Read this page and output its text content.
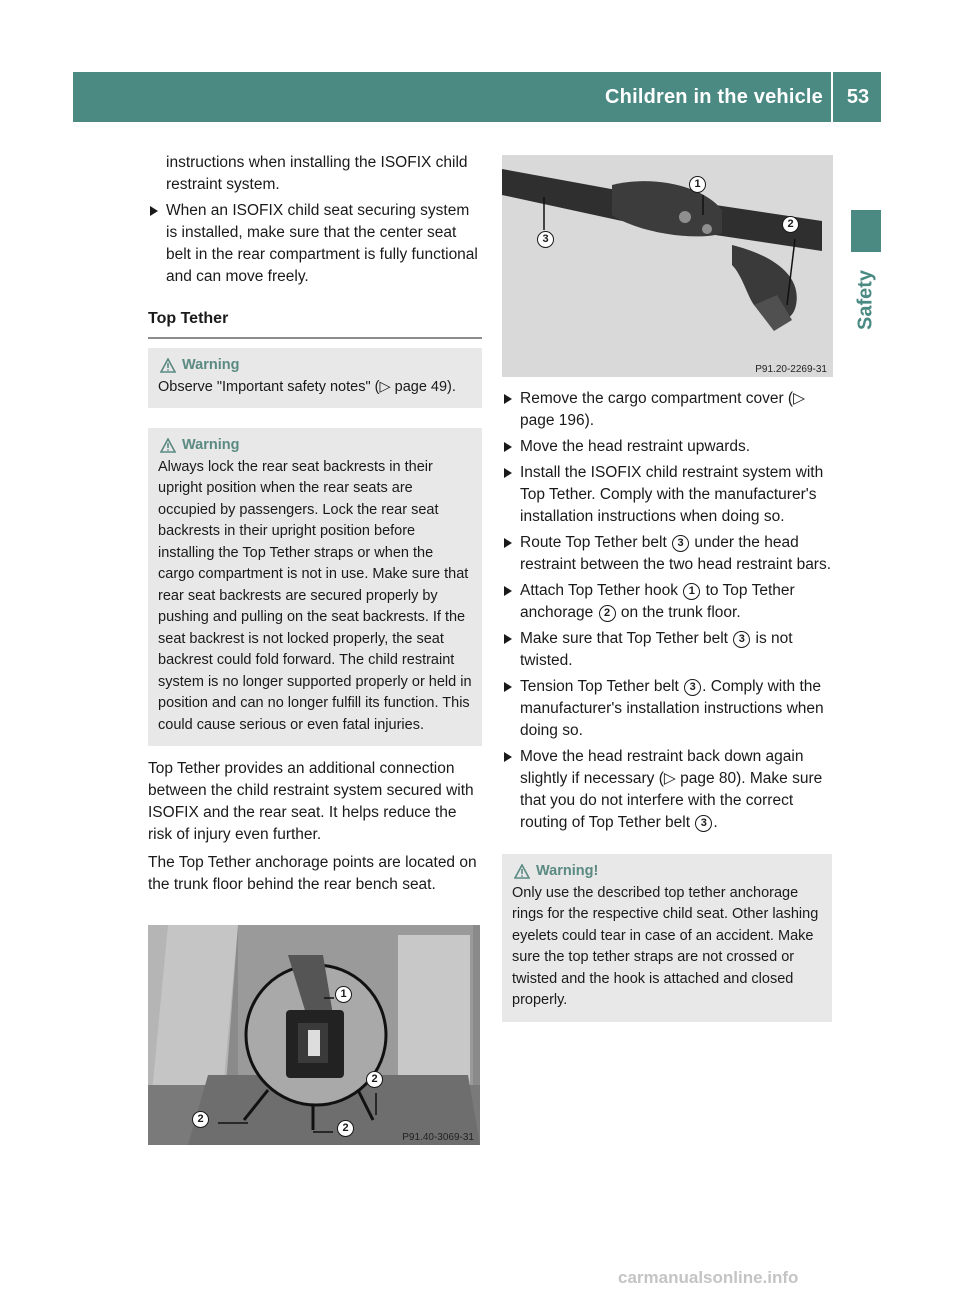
Children in the vehicle	53
Safety

instructions when installing the ISOFIX child restraint system.

When an ISOFIX child seat securing system is installed, make sure that the center seat belt in the rear compartment is fully functional and can move freely.
Top Tether
Warning
Observe "Important safety notes" (▷ page 49).
Warning
Always lock the rear seat backrests in their upright position when the rear seats are occupied by passengers. Lock the rear seat backrests in their upright position before installing the Top Tether straps or when the cargo compartment is not in use. Make sure that rear seat backrests are secured properly by pushing and pulling on the seat backrests. If the seat backrest is not locked properly, the seat backrest could fold forward. The child restraint system is no longer supported properly or held in position and can no longer fulfill its function. This could cause serious or even fatal injuries.

Top Tether provides an additional connection between the child restraint system secured with ISOFIX and the rear seat. It helps reduce the risk of injury even further.

The Top Tether anchorage points are located on the trunk floor behind the rear bench seat.

1
2
2
2
P91.40-3069-31
1
2
3
P91.20-2269-31
Remove the cargo compartment cover (▷ page 196).
Move the head restraint upwards.
Install the ISOFIX child restraint system with Top Tether. Comply with the manufacturer's installation instructions when doing so.
Route Top Tether belt 3 under the head restraint between the two head restraint bars.
Attach Top Tether hook 1 to Top Tether anchorage 2 on the trunk floor.
Make sure that Top Tether belt 3 is not twisted.
Tension Top Tether belt 3 . Comply with the manufacturer's installation instructions when doing so.
Move the head restraint back down again slightly if necessary (▷ page 80). Make sure that you do not interfere with the correct routing of Top Tether belt 3 .
Warning!
Only use the described top tether anchorage rings for the respective child seat. Other lashing eyelets could tear in case of an accident. Make sure the top tether straps are not crossed or twisted and the hook is attached and closed properly.
carmanualsonline.info
